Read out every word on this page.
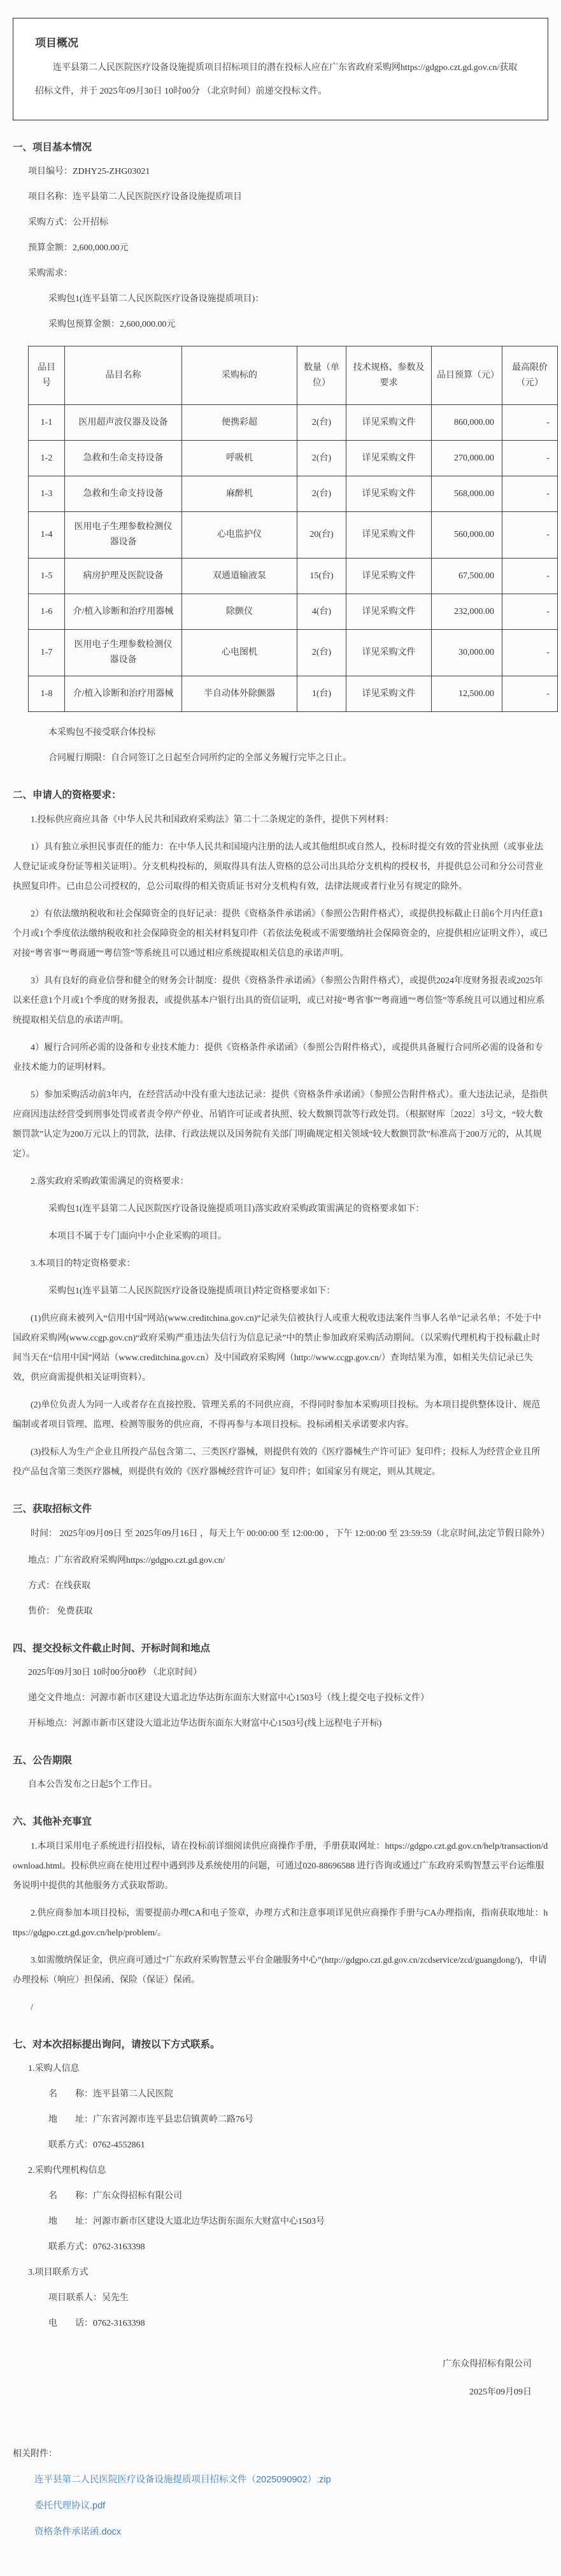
项目概况
连平县第二人民医院医疗设备设施提质项目招标项目的潜在投标人应在广东省政府采购网https://gdgpo.czt.gd.gov.cn/获取招标文件，并于 2025年09月30日 10时00分 （北京时间）前递交投标文件。
一、项目基本情况
项目编号：ZDHY25-ZHG03021
项目名称：连平县第二人民医院医疗设备设施提质项目
采购方式：公开招标
预算金额：2,600,000.00元
采购需求：
采购包1(连平县第二人民医院医疗设备设施提质项目)：
采购包预算金额：2,600,000.00元
品目号	品目名称	采购标的	数量（单位）	技术规格、参数及要求	品目预算（元）	最高限价（元）
1-1	医用超声波仪器及设备	便携彩超	2(台)	详见采购文件	860,000.00	-
1-2	急救和生命支持设备	呼吸机	2(台)	详见采购文件	270,000.00	-
1-3	急救和生命支持设备	麻醉机	2(台)	详见采购文件	568,000.00	-
1-4	医用电子生理参数检测仪器设备	心电监护仪	20(台)	详见采购文件	560,000.00	-
1-5	病房护理及医院设备	双通道输液泵	15(台)	详见采购文件	67,500.00	-
1-6	介/植入诊断和治疗用器械	除颤仪	4(台)	详见采购文件	232,000.00	-
1-7	医用电子生理参数检测仪器设备	心电图机	2(台)	详见采购文件	30,000.00	-
1-8	介/植入诊断和治疗用器械	半自动体外除颤器	1(台)	详见采购文件	12,500.00	-
本采购包不接受联合体投标
合同履行期限：自合同签订之日起至合同所约定的全部义务履行完毕之日止。
二、申请人的资格要求：
1.投标供应商应具备《中华人民共和国政府采购法》第二十二条规定的条件，提供下列材料：
1）具有独立承担民事责任的能力：在中华人民共和国境内注册的法人或其他组织或自然人，投标时提交有效的营业执照（或事业法人登记证或身份证等相关证明）。分支机构投标的，须取得具有法人资格的总公司出具给分支机构的授权书，并提供总公司和分公司营业执照复印件。已由总公司授权的，总公司取得的相关资质证书对分支机构有效，法律法规或者行业另有规定的除外。
2）有依法缴纳税收和社会保障资金的良好记录：提供《资格条件承诺函》（参照公告附件格式），或提供投标截止日前6个月内任意1个月或1个季度依法缴纳税收和社会保障资金的相关材料复印件（若依法免税或不需要缴纳社会保障资金的，应提供相应证明文件），或已对接“粤省事”“粤商通”“粤信签”等系统且可以通过相应系统提取相关信息的承诺声明。
3）具有良好的商业信誉和健全的财务会计制度：提供《资格条件承诺函》（参照公告附件格式），或提供2024年度财务报表或2025年以来任意1个月或1个季度的财务报表，或提供基本户银行出具的资信证明，或已对接“粤省事”“粤商通”“粤信签”等系统且可以通过相应系统提取相关信息的承诺声明。
4）履行合同所必需的设备和专业技术能力：提供《资格条件承诺函》（参照公告附件格式），或提供具备履行合同所必需的设备和专业技术能力的证明材料。
5）参加采购活动前3年内，在经营活动中没有重大违法记录：提供《资格条件承诺函》（参照公告附件格式）。重大违法记录，是指供应商因违法经营受到刑事处罚或者责令停产停业、吊销许可证或者执照、较大数额罚款等行政处罚。（根据财库〔2022〕3号文，“较大数额罚款”认定为200万元以上的罚款，法律、行政法规以及国务院有关部门明确规定相关领域“较大数额罚款”标准高于200万元的，从其规定）。
2.落实政府采购政策需满足的资格要求：
采购包1(连平县第二人民医院医疗设备设施提质项目)落实政府采购政策需满足的资格要求如下：
本项目不属于专门面向中小企业采购的项目。
3.本项目的特定资格要求：
采购包1(连平县第二人民医院医疗设备设施提质项目)特定资格要求如下：
(1)供应商未被列入“信用中国”网站(www.creditchina.gov.cn)“记录失信被执行人或重大税收违法案件当事人名单”记录名单；不处于中国政府采购网(www.ccgp.gov.cn)“政府采购严重违法失信行为信息记录”中的禁止参加政府采购活动期间。（以采购代理机构于投标截止时间当天在“信用中国”网站（www.creditchina.gov.cn）及中国政府采购网（http://www.ccgp.gov.cn/）查询结果为准，如相关失信记录已失效，供应商需提供相关证明资料）。
(2)单位负责人为同一人或者存在直接控股、管理关系的不同供应商，不得同时参加本采购项目投标。为本项目提供整体设计、规范编制或者项目管理、监理、检测等服务的供应商，不得再参与本项目投标。投标函相关承诺要求内容。
(3)投标人为生产企业且所投产品包含第二、三类医疗器械，则提供有效的《医疗器械生产许可证》复印件；投标人为经营企业且所投产品包含第三类医疗器械，则提供有效的《医疗器械经营许可证》复印件；如国家另有规定，则从其规定。
三、获取招标文件
时间： 2025年09月09日 至 2025年09月16日 ，每天上午 00:00:00 至 12:00:00 ，下午 12:00:00 至 23:59:59（北京时间,法定节假日除外）
地点：广东省政府采购网https://gdgpo.czt.gd.gov.cn/
方式：在线获取
售价： 免费获取
四、提交投标文件截止时间、开标时间和地点
2025年09月30日 10时00分00秒 （北京时间）
递交文件地点：河源市新市区建设大道北边华达街东面东大财富中心1503号（线上提交电子投标文件）
开标地点：河源市新市区建设大道北边华达街东面东大财富中心1503号(线上远程电子开标)
五、公告期限
自本公告发布之日起5个工作日。
六、其他补充事宜
1.本项目采用电子系统进行招投标，请在投标前详细阅读供应商操作手册，手册获取网址：https://gdgpo.czt.gd.gov.cn/help/transaction/download.html。投标供应商在使用过程中遇到涉及系统使用的问题，可通过020-88696588 进行咨询或通过广东政府采购智慧云平台运维服务说明中提供的其他服务方式获取帮助。
2.供应商参加本项目投标，需要提前办理CA和电子签章，办理方式和注意事项详见供应商操作手册与CA办理指南，指南获取地址：https://gdgpo.czt.gd.gov.cn/help/problem/。
3.如需缴纳保证金，供应商可通过“广东政府采购智慧云平台金融服务中心”(http://gdgpo.czt.gd.gov.cn/zcdservice/zcd/guangdong/)，申请办理投标（响应）担保函、保险（保证）保函。
/
七、对本次招标提出询问，请按以下方式联系。
1.采购人信息
名　　称：连平县第二人民医院
地　　址：广东省河源市连平县忠信镇黄岭二路76号
联系方式：0762-4552861
2.采购代理机构信息
名　　称：广东众得招标有限公司
地　　址：河源市新市区建设大道北边华达街东面东大财富中心1503号
联系方式：0762-3163398
3.项目联系方式
项目联系人：吴先生
电　　话：0762-3163398
广东众得招标有限公司
2025年09月09日
相关附件：
连平县第二人民医院医疗设备设施提质项目招标文件（2025090902）.zip
委托代理协议.pdf
资格条件承诺函.docx
